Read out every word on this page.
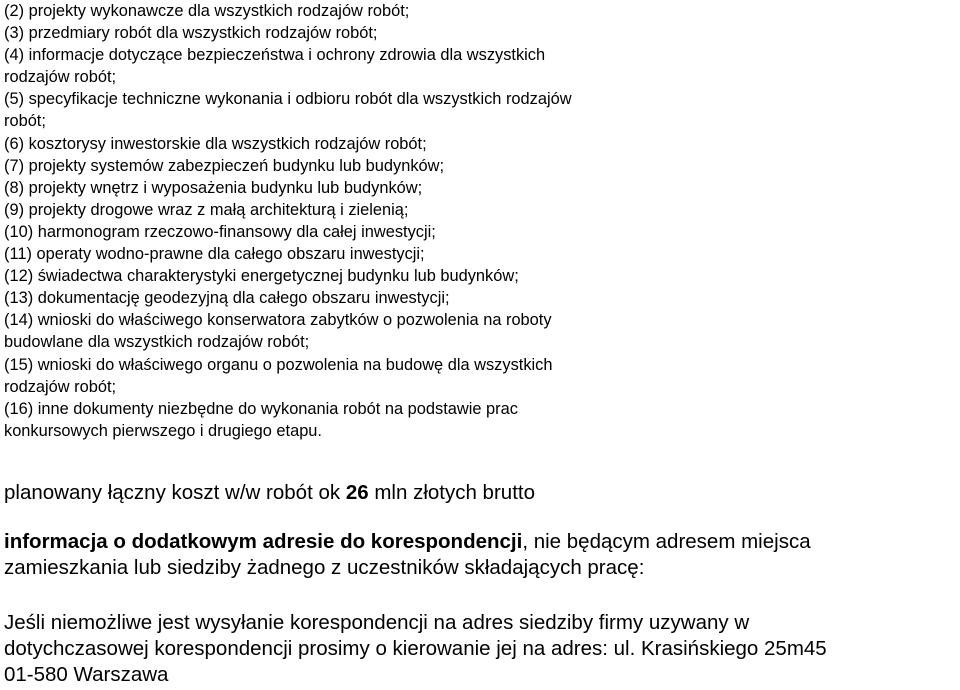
(2) projekty wykonawcze dla wszystkich rodzajów robót;
(3) przedmiary robót dla wszystkich rodzajów robót;
(4) informacje dotyczące bezpieczeństwa i ochrony zdrowia dla wszystkich
rodzajów robót;
(5) specyfikacje techniczne wykonania i odbioru robót dla wszystkich rodzajów
robót;
(6) kosztorysy inwestorskie dla wszystkich rodzajów robót;
(7) projekty systemów zabezpieczeń budynku lub budynków;
(8) projekty wnętrz i wyposażenia budynku lub budynków;
(9) projekty drogowe wraz z małą architekturą i zielenią;
(10) harmonogram rzeczowo-finansowy dla całej inwestycji;
(11) operaty wodno-prawne dla całego obszaru inwestycji;
(12) świadectwa charakterystyki energetycznej budynku lub budynków;
(13) dokumentację geodezyjną dla całego obszaru inwestycji;
(14) wnioski do właściwego konserwatora zabytków o pozwolenia na roboty
budowlane dla wszystkich rodzajów robót;
(15) wnioski do właściwego organu o pozwolenia na budowę dla wszystkich
rodzajów robót;
(16) inne dokumenty niezbędne do wykonania robót na podstawie prac
konkursowych pierwszego i drugiego etapu.

planowany łączny koszt w/w robót ok 26 mln złotych brutto

informacja o dodatkowym adresie do korespondencji, nie będącym adresem miejsca
zamieszkania lub siedziby żadnego z uczestników składających pracę:

Jeśli niemożliwe jest wysyłanie korespondencji na adres siedziby firmy uzywany w
dotychczasowej korespondencji prosimy o kierowanie jej na adres: ul. Krasińskiego 25m45
01-580 Warszawa
